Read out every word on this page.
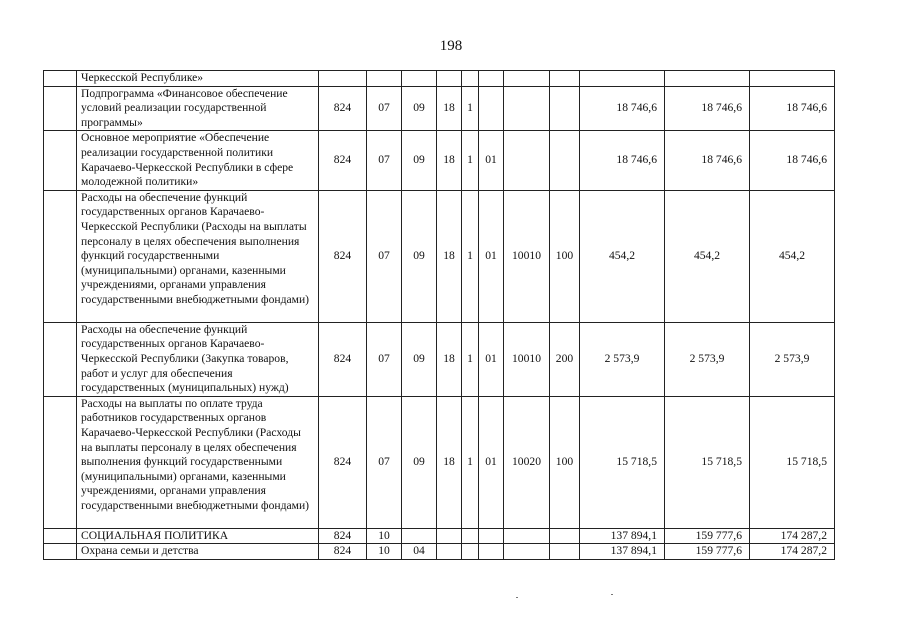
198
	Черкесской Республике»											
	Подпрограмма «Финансовое обеспечение условий реализации государственной программы»	824	07	09	18	1				18 746,6	18 746,6	18 746,6
	Основное мероприятие «Обеспечение реализации государственной политики Карачаево-Черкесской Республики в сфере молодежной политики»	824	07	09	18	1	01			18 746,6	18 746,6	18 746,6
	Расходы на обеспечение функций государственных органов Карачаево-Черкесской Республики (Расходы на выплаты персоналу в целях обеспечения выполнения функций государственными (муниципальными) органами, казенными учреждениями, органами управления государственными внебюджетными фондами)	824	07	09	18	1	01	10010	100	454,2	454,2	454,2
	Расходы на обеспечение функций государственных органов Карачаево-Черкесской Республики (Закупка товаров, работ и услуг для обеспечения государственных (муниципальных) нужд)	824	07	09	18	1	01	10010	200	2 573,9	2 573,9	2 573,9
	Расходы на выплаты по оплате труда работников государственных органов Карачаево-Черкесской Республики (Расходы на выплаты персоналу в целях обеспечения выполнения функций государственными (муниципальными) органами, казенными учреждениями, органами управления государственными внебюджетными фондами)	824	07	09	18	1	01	10020	100	15 718,5	15 718,5	15 718,5
	СОЦИАЛЬНАЯ ПОЛИТИКА	824	10							137 894,1	159 777,6	174 287,2
	Охрана семьи и детства	824	10	04						137 894,1	159 777,6	174 287,2
